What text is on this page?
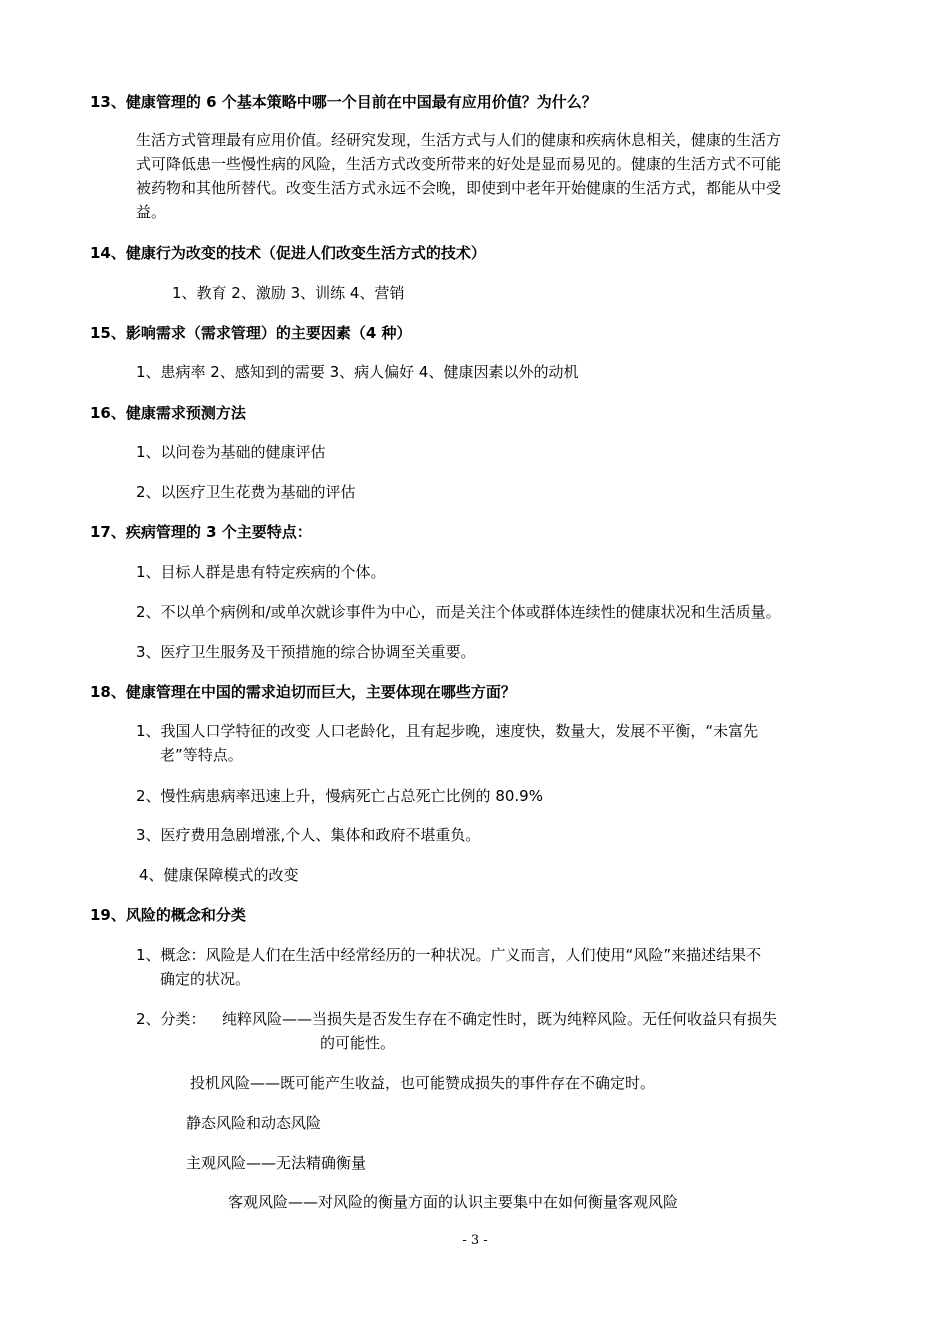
13、健康管理的 6 个基本策略中哪一个目前在中国最有应用价值？为什么？
生活方式管理最有应用价值。经研究发现，生活方式与人们的健康和疾病休息相关，健康的生活方
式可降低患一些慢性病的风险，生活方式改变所带来的好处是显而易见的。健康的生活方式不可能
被药物和其他所替代。改变生活方式永远不会晚，即使到中老年开始健康的生活方式，都能从中受
益。
14、健康行为改变的技术（促进人们改变生活方式的技术）
1、教育 2、激励 3、训练 4、营销
15、影响需求（需求管理）的主要因素（4 种）
1、患病率 2、感知到的需要 3、病人偏好 4、健康因素以外的动机
16、健康需求预测方法
1、以问卷为基础的健康评估
2、以医疗卫生花费为基础的评估
17、疾病管理的 3 个主要特点：
1、目标人群是患有特定疾病的个体。
2、不以单个病例和/或单次就诊事件为中心，而是关注个体或群体连续性的健康状况和生活质量。
3、医疗卫生服务及干预措施的综合协调至关重要。
18、健康管理在中国的需求迫切而巨大，主要体现在哪些方面？
1、我国人口学特征的改变 人口老龄化，且有起步晚，速度快，数量大，发展不平衡，“未富先
老”等特点。
2、慢性病患病率迅速上升，慢病死亡占总死亡比例的 80.9%
3、医疗费用急剧增涨,个人、集体和政府不堪重负。
4、健康保障模式的改变
19、风险的概念和分类
1、概念：风险是人们在生活中经常经历的一种状况。广义而言，人们使用“风险”来描述结果不
确定的状况。
2、分类： 纯粹风险——当损失是否发生存在不确定性时，既为纯粹风险。无任何收益只有损失
的可能性。
投机风险——既可能产生收益，也可能赞成损失的事件存在不确定时。
静态风险和动态风险
主观风险——无法精确衡量
客观风险——对风险的衡量方面的认识主要集中在如何衡量客观风险
- 3 -
